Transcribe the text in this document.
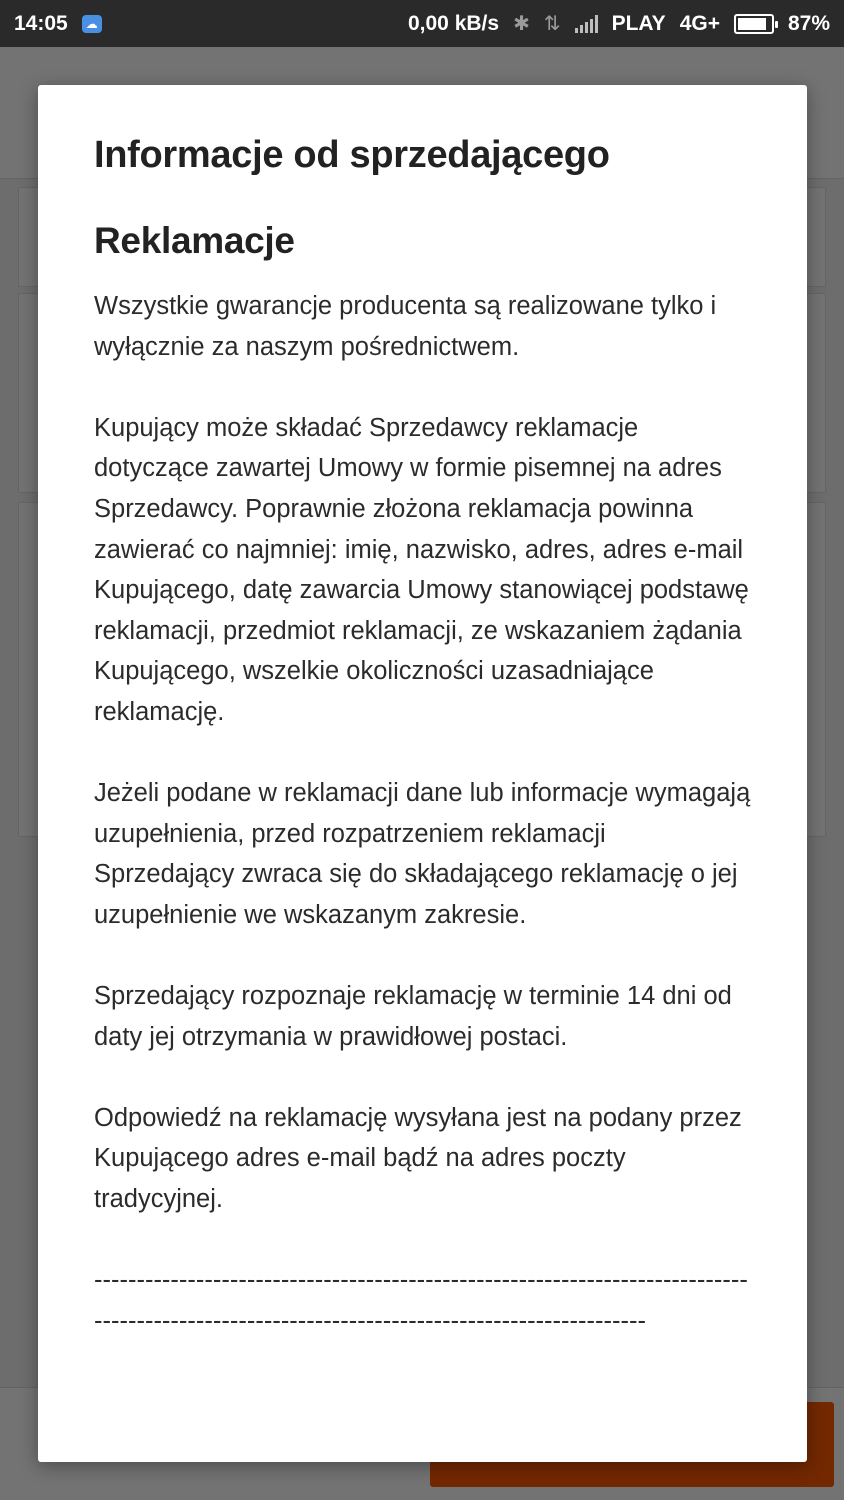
14:05	☁	0,00 kB/s ✱ ⇅ PLAY 4G+	87%
Informacje od sprzedającego
Reklamacje

Wszystkie gwarancje producenta są realizowane tylko i wyłącznie za naszym pośrednictwem.

Kupujący może składać Sprzedawcy reklamacje dotyczące zawartej Umowy w formie pisemnej na adres Sprzedawcy. Poprawnie złożona reklamacja powinna zawierać co najmniej: imię, nazwisko, adres, adres e-mail Kupującego, datę zawarcia Umowy stanowiącej podstawę reklamacji, przedmiot reklamacji, ze wskazaniem żądania Kupującego, wszelkie okoliczności uzasadniające reklamację.

Jeżeli podane w reklamacji dane lub informacje wymagają uzupełnienia, przed rozpatrzeniem reklamacji Sprzedający zwraca się do składającego reklamację o jej uzupełnienie we wskazanym zakresie.

Sprzedający rozpoznaje reklamację w terminie 14 dni od daty jej otrzymania w prawidłowej postaci.

Odpowiedź na reklamację wysyłana jest na podany przez Kupującego adres e-mail bądź na adres poczty tradycyjnej.

----------------------------------------------------------------------------------------------------------------------------------------------
